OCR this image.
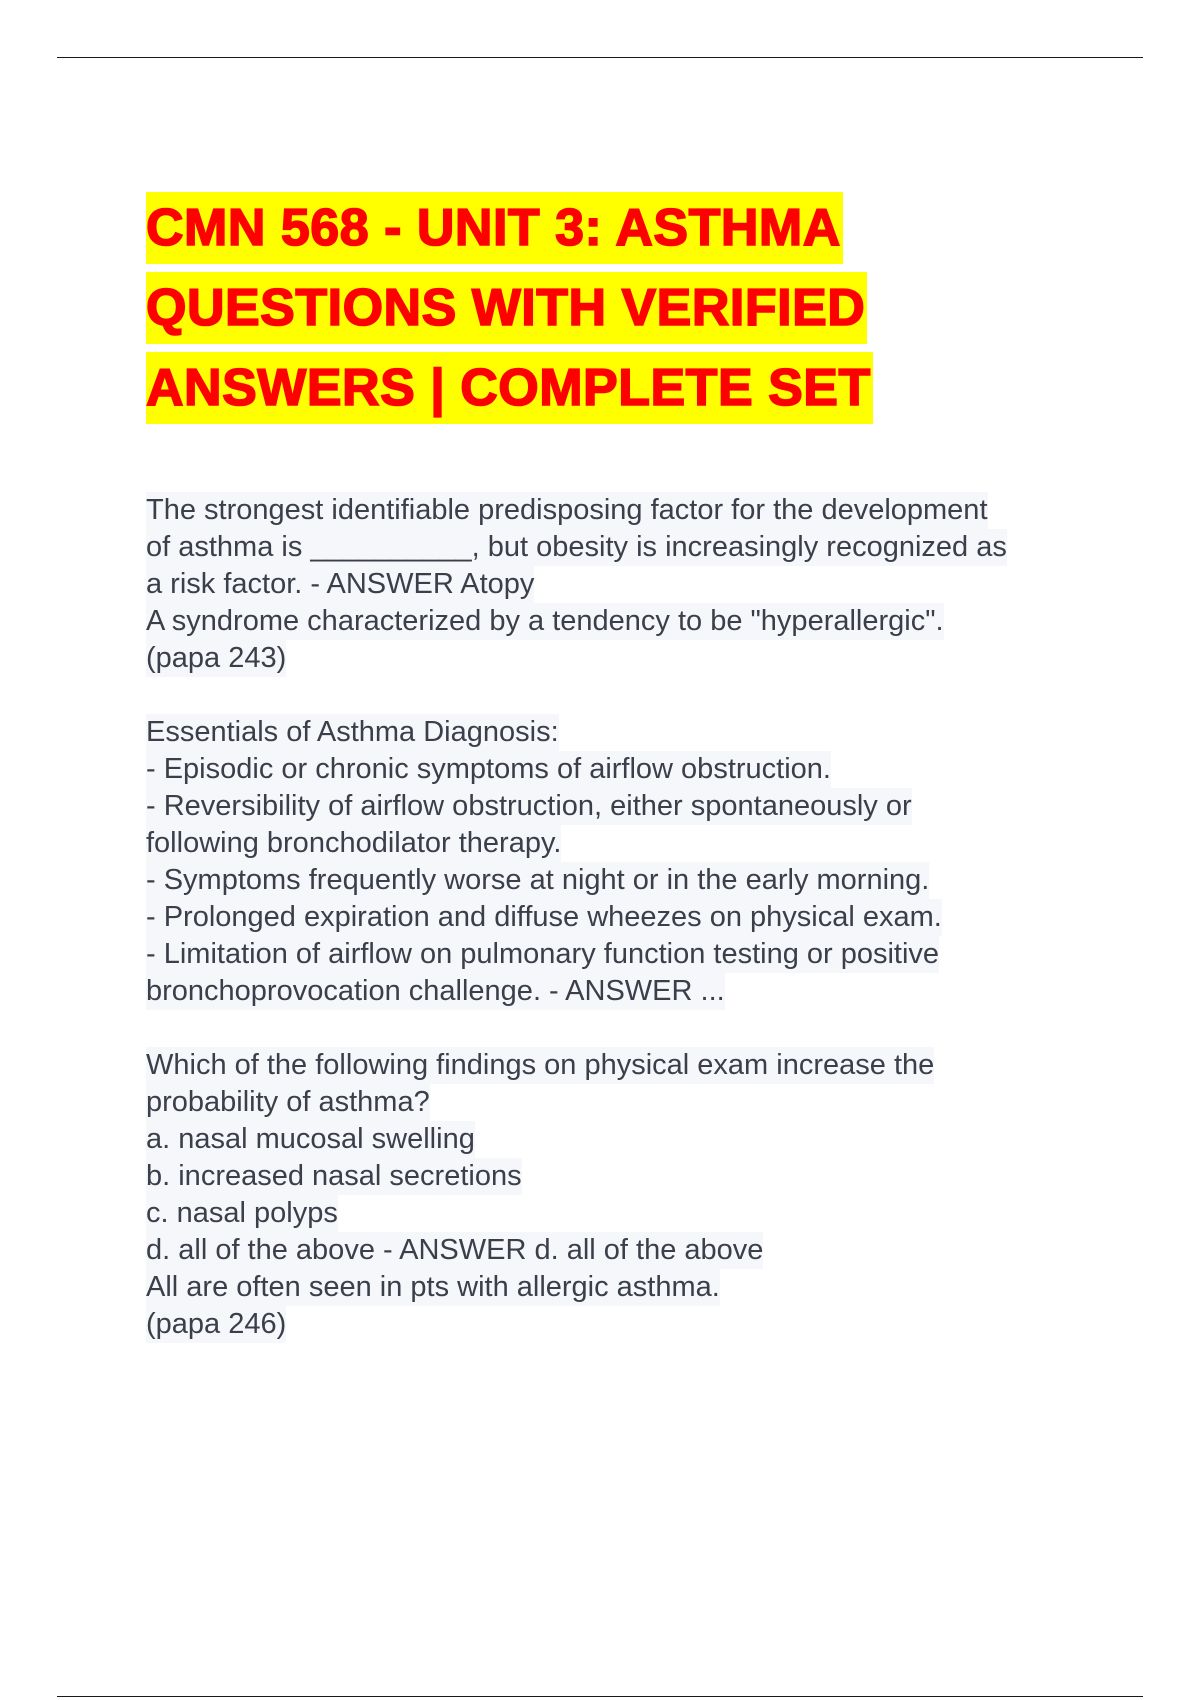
CMN 568 - UNIT 3: ASTHMA
QUESTIONS WITH VERIFIED
ANSWERS | COMPLETE SET
The strongest identifiable predisposing factor for the development
of asthma is __________, but obesity is increasingly recognized as
a risk factor. - ANSWER Atopy
A syndrome characterized by a tendency to be "hyperallergic".
(papa 243)
Essentials of Asthma Diagnosis:
- Episodic or chronic symptoms of airflow obstruction.
- Reversibility of airflow obstruction, either spontaneously or
following bronchodilator therapy.
- Symptoms frequently worse at night or in the early morning.
- Prolonged expiration and diffuse wheezes on physical exam.
- Limitation of airflow on pulmonary function testing or positive
bronchoprovocation challenge. - ANSWER ...
Which of the following findings on physical exam increase the
probability of asthma?
a. nasal mucosal swelling
b. increased nasal secretions
c. nasal polyps
d. all of the above - ANSWER d. all of the above
All are often seen in pts with allergic asthma.
(papa 246)
